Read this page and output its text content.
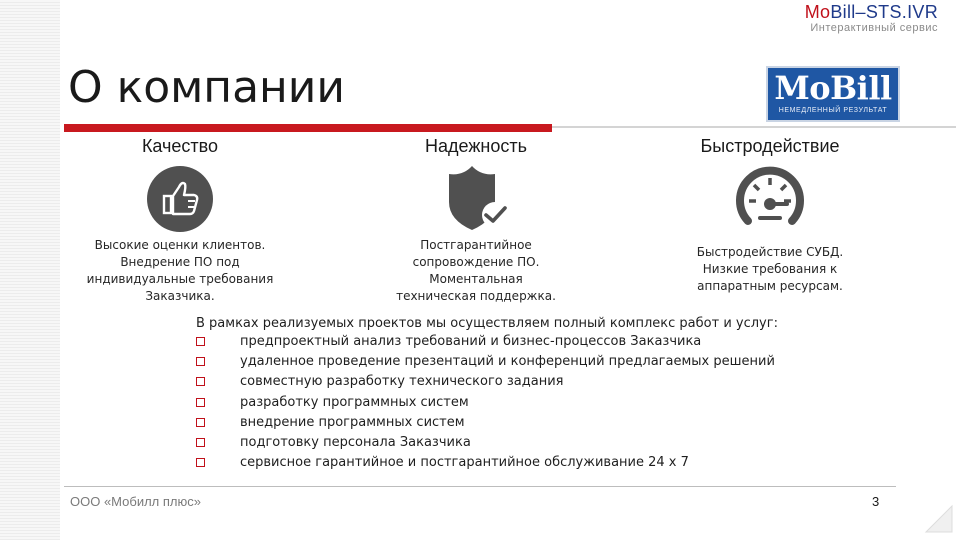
MoBill–STS.IVR
Интерактивный сервис
О компании	MoBill
НЕМЕДЛЕННЫЙ РЕЗУЛЬТАТ
Качество
Высокие оценки клиентов.
Внедрение ПО под
индивидуальные требования
Заказчика.
Надежность
Постгарантийное
сопровождение ПО.
Моментальная
техническая поддержка.
Быстродействие
Быстродействие СУБД.
Низкие требования к
аппаратным ресурсам.
В рамках реализуемых проектов мы осуществляем полный комплекс работ и услуг:
предпроектный анализ требований и бизнес-процессов Заказчика
удаленное проведение презентаций и конференций предлагаемых решений
совместную разработку технического задания
разработку программных систем
внедрение программных систем
подготовку персонала Заказчика
сервисное гарантийное и постгарантийное обслуживание 24 х 7
ООО «Мобилл плюс»	3
